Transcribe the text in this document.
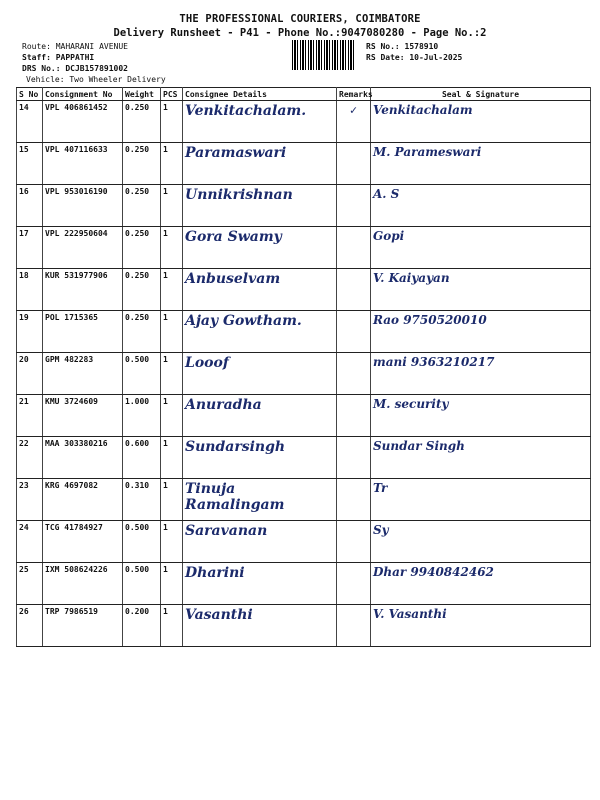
THE PROFESSIONAL COURIERS, COIMBATORE
Delivery Runsheet - P41 - Phone No.:9047080280 - Page No.:2
Route: MAHARANI AVENUE
Staff: PAPPATHI
DRS No.: DCJB157891002
Vehicle: Two Wheeler Delivery
RS No.: 1578910
RS Date: 10-Jul-2025
S No	Consignment No	Weight	PCS	Consignee Details	Remarks	Seal & Signature
14	VPL 406861452	0.250	1	Venkitachalam.	✓	Venkitachalam
15	VPL 407116633	0.250	1	Paramaswari		M. Parameswari
16	VPL 953016190	0.250	1	Unnikrishnan		A. S
17	VPL 222950604	0.250	1	Gora Swamy		Gopi
18	KUR 531977906	0.250	1	Anbuselvam		V. Kaiyayan
19	POL 1715365	0.250	1	Ajay Gowtham.		Rao 9750520010
20	GPM 482283	0.500	1	Looof		mani 9363210217
21	KMU 3724609	1.000	1	Anuradha		M. security
22	MAA 303380216	0.600	1	Sundarsingh		Sundar Singh
23	KRG 4697082	0.310	1	Tinuja Ramalingam		Tr
24	TCG 41784927	0.500	1	Saravanan		Sy
25	IXM 508624226	0.500	1	Dharini		Dhar 9940842462
26	TRP 7986519	0.200	1	Vasanthi		V. Vasanthi
